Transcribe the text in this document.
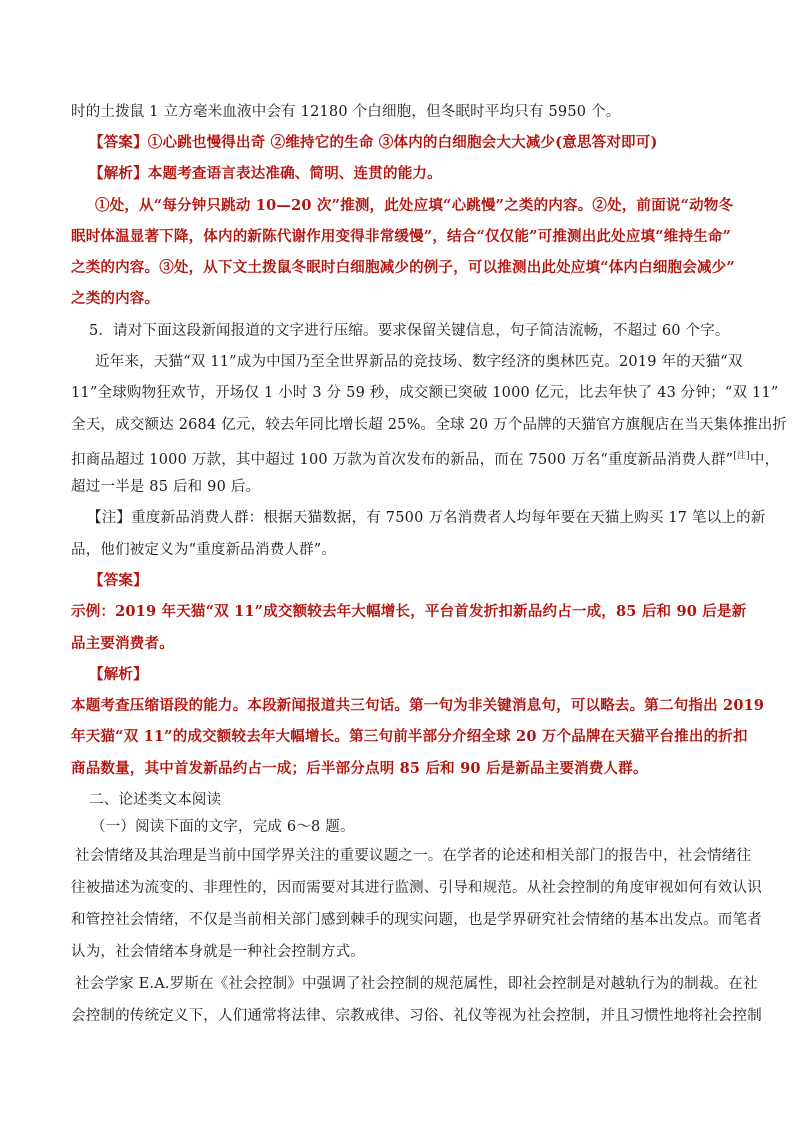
时的土拨鼠 1 立方毫米血液中会有 12180 个白细胞，但冬眠时平均只有 5950 个。
【答案】①心跳也慢得出奇 ②维持它的生命 ③体内的白细胞会大大减少(意思答对即可)
【解析】本题考查语言表达准确、简明、连贯的能力。
①处，从“每分钟只跳动 10—20 次”推测，此处应填“心跳慢”之类的内容。②处，前面说“动物冬
眠时体温显著下降，体内的新陈代谢作用变得非常缓慢”，结合“仅仅能”可推测出此处应填“维持生命”
之类的内容。③处，从下文土拨鼠冬眠时白细胞减少的例子，可以推测出此处应填“体内白细胞会减少”
之类的内容。
5．请对下面这段新闻报道的文字进行压缩。要求保留关键信息，句子简洁流畅，不超过 60 个字。
近年来，天猫“双 11”成为中国乃至全世界新品的竞技场、数字经济的奥林匹克。2019 年的天猫“双
11”全球购物狂欢节，开场仅 1 小时 3 分 59 秒，成交额已突破 1000 亿元，比去年快了 43 分钟；“双 11”
全天，成交额达 2684 亿元，较去年同比增长超 25%。全球 20 万个品牌的天猫官方旗舰店在当天集体推出折
扣商品超过 1000 万款，其中超过 100 万款为首次发布的新品，而在 7500 万名“重度新品消费人群”[注]中，
超过一半是 85 后和 90 后。
【注】重度新品消费人群：根据天猫数据，有 7500 万名消费者人均每年要在天猫上购买 17 笔以上的新
品，他们被定义为“重度新品消费人群”。
【答案】
示例：2019 年天猫“双 11”成交额较去年大幅增长，平台首发折扣新品约占一成，85 后和 90 后是新
品主要消费者。
【解析】
本题考查压缩语段的能力。本段新闻报道共三句话。第一句为非关键消息句，可以略去。第二句指出 2019
年天猫“双 11”的成交额较去年大幅增长。第三句前半部分介绍全球 20 万个品牌在天猫平台推出的折扣
商品数量，其中首发新品约占一成；后半部分点明 85 后和 90 后是新品主要消费人群。
二、论述类文本阅读
（一）阅读下面的文字，完成 6～8 题。
社会情绪及其治理是当前中国学界关注的重要议题之一。在学者的论述和相关部门的报告中，社会情绪往
往被描述为流变的、非理性的，因而需要对其进行监测、引导和规范。从社会控制的角度审视如何有效认识
和管控社会情绪，不仅是当前相关部门感到棘手的现实问题，也是学界研究社会情绪的基本出发点。而笔者
认为，社会情绪本身就是一种社会控制方式。
社会学家 E.A.罗斯在《社会控制》中强调了社会控制的规范属性，即社会控制是对越轨行为的制裁。在社
会控制的传统定义下，人们通常将法律、宗教戒律、习俗、礼仪等视为社会控制，并且习惯性地将社会控制
